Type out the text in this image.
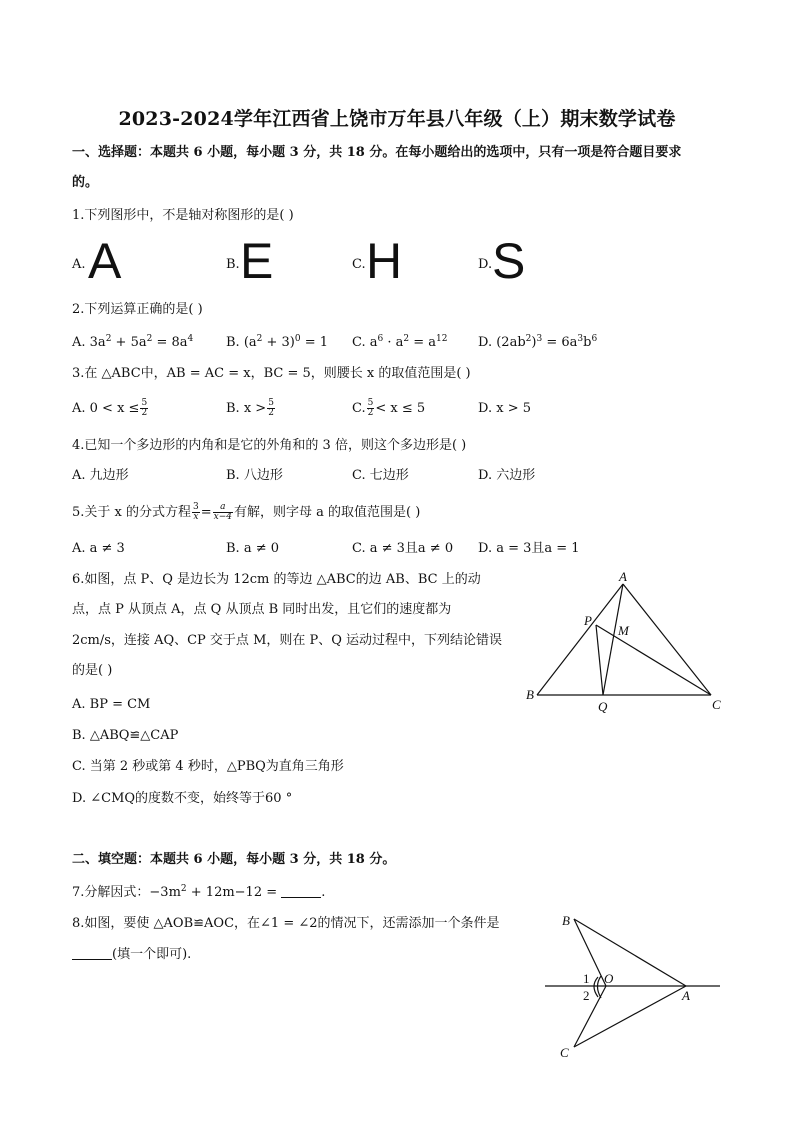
2023-2024学年江西省上饶市万年县八年级（上）期末数学试卷
一、选择题：本题共 6 小题，每小题 3 分，共 18 分。在每小题给出的选项中，只有一项是符合题目要求
的。
1.下列图形中，不是轴对称图形的是( )
A. A	B. E	C. H	D. S
2.下列运算正确的是( )
A. $3a^2 + 5a^2 = 8a^4$	B. $(a^2 + 3)^0 = 1$ C. $a^6 \cdot a^2 = a^{12}$ D. $(2ab^2)^3 = 6a^3b^6$
3.在 △ABC中，AB = AC = x，BC = 5，则腰长 x 的取值范围是( )
A. $0 < x \le \frac{5}{2}$	B. $x > \frac{5}{2}$	C. $\frac{5}{2} < x \le 5$	D. x > 5
4.已知一个多边形的内角和是它的外角和的 3 倍，则这个多边形是( )
A. 九边形	B. 八边形	C. 七边形	D. 六边形
5.关于 x 的分式方程 $\frac{3}{x} = \frac{a}{x-4}$ 有解，则字母 a 的取值范围是( )
A. a ≠ 3	B. a ≠ 0	C. a ≠ 3且a ≠ 0 D. a = 3且a = 1
6.如图，点 P、Q 是边长为 12cm 的等边 △ABC的边 AB、BC 上的动
点，点 P 从顶点 A，点 Q 从顶点 B 同时出发，且它们的速度都为
2cm/s，连接 AQ、CP 交于点 M，则在 P、Q 运动过程中，下列结论错误
的是( )
A. BP = CM
B. △ABQ≌△CAP
C. 当第 2 秒或第 4 秒时，△PBQ为直角三角形
D. ∠CMQ的度数不变，始终等于60 °
A
B
C
P
Q
M
二、填空题：本题共 6 小题，每小题 3 分，共 18 分。
7.分解因式：$-3m^2 + 12m-12$ =	.
8.如图，要使 △AOB≌AOC，在∠1 = ∠2的情况下，还需添加一个条件是
(填一个即可).
B
1
2
O
A
C
